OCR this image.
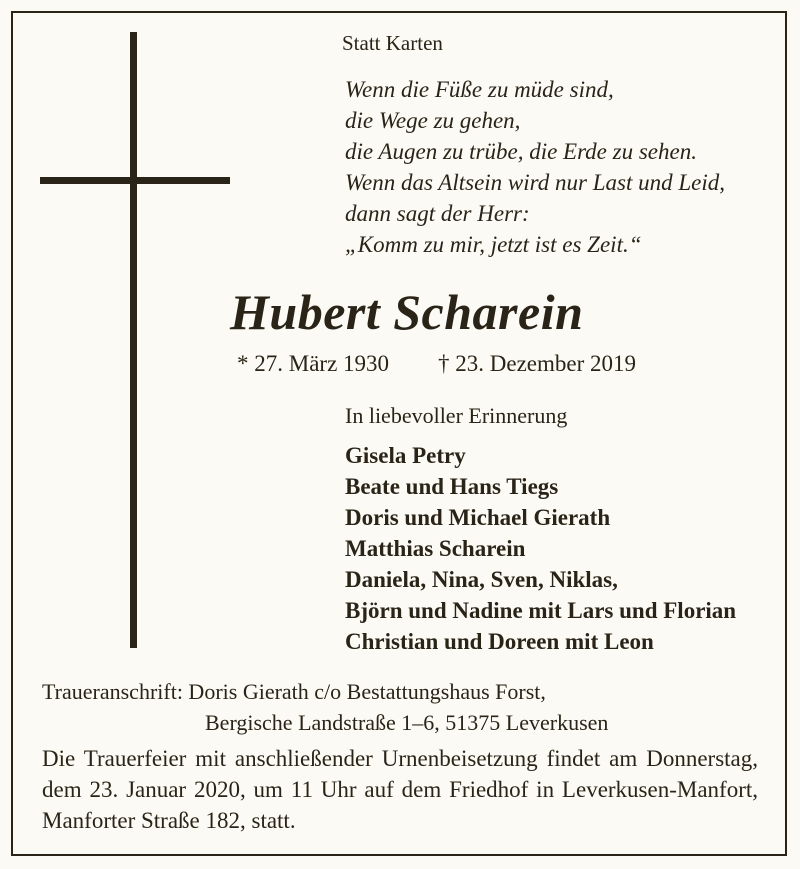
Statt Karten
Wenn die Füße zu müde sind,
die Wege zu gehen,
die Augen zu trübe, die Erde zu sehen.
Wenn das Altsein wird nur Last und Leid,
dann sagt der Herr:
„Komm zu mir, jetzt ist es Zeit.“
Hubert Scharein
* 27. März 1930 † 23. Dezember 2019
In liebevoller Erinnerung
Gisela Petry
Beate und Hans Tiegs
Doris und Michael Gierath
Matthias Scharein
Daniela, Nina, Sven, Niklas,
Björn und Nadine mit Lars und Florian
Christian und Doreen mit Leon
Traueranschrift: Doris Gierath c/o Bestattungshaus Forst,
Bergische Landstraße 1–6, 51375 Leverkusen
Die Trauerfeier mit anschließender Urnenbeisetzung findet am Donnerstag, dem 23. Januar 2020, um 11 Uhr auf dem Friedhof in Leverkusen-Manfort, Manforter Straße 182, statt.
